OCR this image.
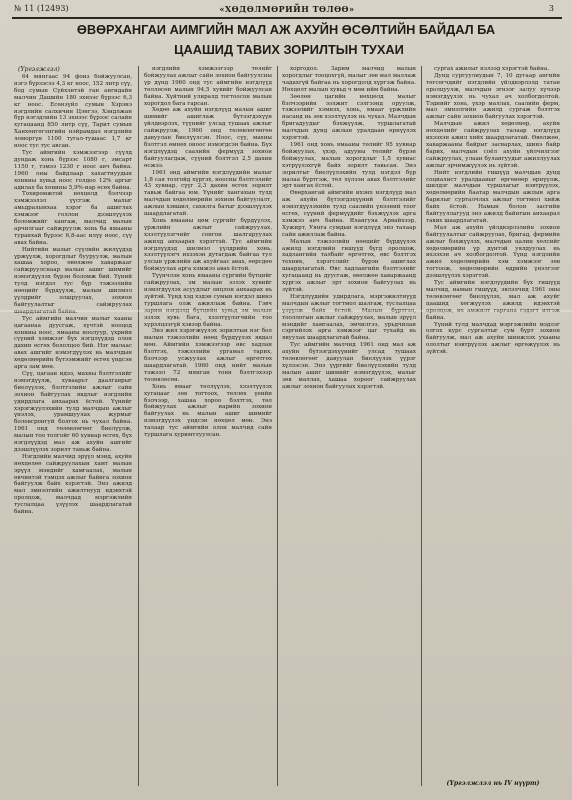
№ 11 (12493)	«ХӨДӨЛМӨРИЙН ТӨЛӨӨ»	3
ӨВӨРХАНГАИ АИМГИЙН МАЛ АЖ АХУЙН ӨСӨЛТИЙН БАЙДАЛ БА
ЦААШИД ТАВИХ ЗОРИЛТЫН ТУХАИ
(Үргэлжлэл)

64 мянгаас 94 фоиз бойжуулсан, нэгэ бүрээсээ 4,3 кг ноос, 152 литр сүү, бод сүмын Сүйхэнтэй ган ангидайн малчин Дашийн 180 эхнээс бүрээс 6,3 кг ноос. Есөнзүйл сумын Хэрэнэ нэгдлийн салхичин Цэнгээ, Хэндлжан бүр нэгэдлийн 13 эхнээс бүрээс салайн хугацаанд 850 литр сүү, Тарит сумын Ханхөнгөгэнгийн нэйрамдал нэгдлийн ломоргүн 1100 тугал-тушаас 1,7 кг ноос тус тус авсан.

Тус аймгийн хэмжээгээр сүүлд дундаж хонь бүрээс 1080 г, эмсарт 1150 г, тэмээ 1230 г ноос авч байна. 1960 оны байдлаар хахагтнуудын хонины хувьд ноос голдоо 12% аргыг адилах ба хонины 5,9%-иар өсөх байна.

Тохиромжтой нөхцөлд бэлчээр хэмжээлэл үүсгэж малыг амьдралынхаа хэрэг ба ашиглах хэмжээг голлон дээшлүүлэх боломжийг хангаж, малчид малын арчилгааг сайжруулж хонь ба ямааны туранхай бүрээс 6,8-аас илүү ноос, сүү авах байна.

Нийтийн малыг сүүлийн жилүүдэд үржүүлж, хорогдлыг бууруулж, малын хашаа хороо, өвөлжөө хаваржааг сайжруулснаар малын ашиг шимийг нэмэгдүүлэх бүрэн боломж бий. Үүний тулд нэгдэл тус бүр тэжээлийн нөөцийг бүрдүүлж, малын шилмэл үүлдрийг олшруулах, зохион байгуулалтыг сайжруулах шаардлагатай байна.

Тус аймгийн малчин малыг хааны цагаанаа дуусгаж, хүчтэй нооцод хонины ноос, ямааны ноолуур, үхрийн сүүний хэмжээг бүх нэгдлүүдэд олон дахин өсгөх бололцоо бий. Нэг малаас авах ашгийг нэмэгдүүлэх нь малчдын хөдөлмөрийн бүтээмжийг өсгөх үндсэн арга зам мөн.

Сүү, цагаан идээ, махны бэлтгэлийг нэмэгдүүлж, хуваарьт даалгаврыг биелүүлэх, бэлтгэлийн ажлыг сайн зохион байгуулах явдлыг нэгдлийн удирдлага анхаарах ёстой. Үүнийг хэрэгжүүлэхийн тулд малчдын ажлыг үнэлэх, урамшуулах журмыг боловсронгуй болгох нь чухал байна. 1961 онд төлөвлөгөөг биелүүлж, малын тоо толгойг 60 хувиар өсгөх, бүх нэгдлүүдэд мал аж ахуйн ашгийг дээшлүүлэх зорилт тавьж байна.

Нэгдлийн малчид эрүүл мэнд, ахуйн нөхцөлөө сайжруулахын хамт малын эрүүл мэндийг хамгаалах, малын өвчинтэй тэмцэх ажлыг байнга зохион байгуулж байх хэрэгтэй. Энэ ажилд мал эмнэлгийн ажилтнууд идэвхтэй оролцож, малчдад мэргэжлийн туслалцаа үзүүлэх шаардлагатай байна.

нэгдлийн хэмжээгээр төлийг бойжуулах ажлыг сайн зохион байгуулсны үр дүнд 1960 онд тус аймгийн нэгдлүүд төллөсөн малын 94,5 хувийг бойжуулсан байна. Хүйтний улиралд тогтоосон малын хорогдол бага гарсан.

Хөдөө аж ахуйн нэгдлүүд малын ашиг шимийг ашиглаж бүтээгдэхүүн үйлдвэрлэх, түүнийг улсад тушаах ажлыг сайжруулж, 1960 онд төлөвлөгөөгөө давуулан биелүүлсэн. Ноос, сүү, махны бэлтгэл өмнөх оноос нэмэгдсэн байна. Бүх нэгдлүүдэд саалийн фермүүд зохион байгуулагдаж, сүүний бэлтгэл 2,5 дахин өсжээ.

1961 онд аймгийн нэгдлүүдийн малыг 1,8 сая толгойд хүргэх, ноосны бэлтгэлийг 43 хувиар, сүүг 2,3 дахин өсгөх зорилт тавьж байгаа юм. Үүнийг хангахын тулд малчдын хөдөлмөрийн зохион байгуулалт, ажлын хэвшил, сахилга батыг дээшлүүлэх шаардлагатай.

Хонь ямааны цөм сүргийг бүрдүүлэх, үржлийн ажлыг сайжруулах, хээлтүүлэгчийг сонгон шалгаруулах ажилд анхаарах хэрэгтэй. Тус аймгийн нэгдлүүдэд шилмэл үүлдрийн хонь, хээлтүүлэгч ихээхэн дутагдаж байгаа тул улсын үржлийн аж ахуйгаас авах, өөрсдөө бойжуулах арга хэмжээ авах ёстой.

Түүнчлэн хонь ямааны сүргийн бүтцийг сайжруулах, эм малын эзлэх хувийг нэмэгдүүлэх асуудлыг онцлон анхаарах нь зүйтэй. Үүнд хэд хэдэн сумын нэгдэл шинэ туршлага олж ажиллаж байна. Гэвч зарим нэгдэлд бүтцийн хувьд эм малын эзлэх хувь бага, хээлтүүлэгчийн тоо хүрэлцээгүй хэвээр байна.

Энэ жил хэрэгжүүлэх зорилтын нэг бол малын тэжээлийн нөөц бүрдүүлэх явдал мөн. Аймгийн хэмжээгээр өвс хадлан бэлтгэх, тэжээлийн ургамал тарих, бэлчээр усжуулах ажлыг өргөтгөх шаардлагатай. 1960 онд нийт малын тэжээл 72 мянган тонн бэлтгэхээр төлөвлөсөн.

Хонь ямааг төллүүлэх, хээлтүүлэх хугацааг зөв тогтоох, төллөх үеийн бэлчээр, хашаа хороо бэлтгэх, төл бойжуулах ажлыг нарийн зохион байгуулах нь малын ашиг шимийг нэмэгдүүлэх үндсэн нөхцөл мөн. Энэ талаар тус аймгийн олон малчид сайн туршлага хуримтлуулсан.

хоргодол. Зарим малчид малын хорогдлыг тооцохгүй, малыг зөв мал маллаж чадахгүй байгаа нь хорогдолд хүргэж байна. Нөхцөлт малын хувьд ч мөн ийм байна.

Зөөлөн цагийн нөхцөлд малыг бэлчээрийн ээлжит сэлгээнд оруулж, тэжээлийг хэмнэх, хонь, ямааг үржлийн насанд нь зөв хээлтүүлэх нь чухал. Малчдын бригадуудыг бэхжүүлж, туршлагатай малчдын дунд ажлын уралдаан өрнүүлэх хэрэгтэй.

1961 онд хонь ямааны төлийг 95 хувиар бойжуулах, үхэр, адууны төлийг бүрэн бойжуулах, малын хорогдлыг 1,5 хувиас хэтрүүлэхгүй байх зорилт тавьсан. Энэ зорилтыг биелүүлэхийн тулд нэгдэл бүр малаа бүртгэж, төл хүлээн авах бэлтгэлийг эрт хангах ёстой.

Өвөрхангай аймгийн ихэнх нэгдлүүд мал аж ахуйн бүтээгдэхүүний бэлтгэлийг нэмэгдүүлэхийн тулд саалийн үнээний тоог өсгөх, сүүний фермүүдийг бэхжүүлэх арга хэмжээ авч байна. Ялангуяа Арвайхээр, Хужирт, Уянга сумдын нэгдлүүд энэ талаар сайн ажиллаж байна.

Малын тэжээлийн нөөцийг бүрдүүлэх ажилд нэгдлийн гишүүд бүгд оролцож, хадлангийн талбайг өргөтгөх, өвс бэлтгэх техник, хэрэгслийг бүрэн ашиглах шаардлагатай. Өвс хадлангийн бэлтгэлийг хугацаанд нь дуусгаж, өвөлжөө хаваржаанд хүргэх ажлыг эрт зохион байгуулах нь зүйтэй.

Нэгдлүүдийн удирдлага, мэргэжилтнүүд малчдын ажлыг тогтмол шалгаж, туслалцаа үзүүлж байх ёстой. Малын бүртгэл, тооллогын ажлыг сайжруулах, малын эрүүл мэндийг хамгаалах, эмчилгээ, урьдчилан сэргийлэх арга хэмжээг цаг тухайд нь явуулах шаардлагатай байна.

Тус аймгийн малчид 1961 онд мал аж ахуйн бүтээгдэхүүнийг улсад тушаах төлөвлөгөөг давуулан биелүүлэх үүрэг хүлээсэн. Энэ үүргийг биелүүлэхийн тулд малын ашиг шимийг нэмэгдүүлэх, малыг зөв маллах, хашаа хороог сайжруулах ажлыг зохион байгуулах хэрэгтэй.

сургах ажилыг нэлээд хэрэгтэй байна.

Дунд сургуулиудын 7, 10 дугаар ангийн төгсөгчдийг нэгдлийн үйлдвэрлэлд татан оролцуулж, малчдын эгнээг залуу хүчээр нэмэгдүүлэх нь чухал ач холбогдолтой. Тэднийг хонь, үхэр маллах, саалийн ферм, мал эмнэлгийн ажилд сургаж бэлтгэх ажлыг сайн зохион байгуулах хэрэгтэй.

Малчдын ажил хөдөлмөр, ахуйн нөхцөлийг сайжруулах талаар нэгдлүүд ихээхэн ажил хийх шаардлагатай. Өвөлжөө, хаваржааны байрыг засварлах, шинэ байр барих, малчдын соёл ахуйн үйлчилгээг сайжруулах, улаан булангуудыг ажиллуулах ажлыг эрчимжүүлэх нь зүйтэй.

Нийт нэгдлийн гишүүд малчдын дунд социалист уралдааныг өргөнөөр өрнүүлж, шилдэг малчдын туршлагыг нэвтрүүлэх, хөдөлмөрийн баатар малчдын ажлын арга барилыг сурталчлах ажлыг тогтмол хийж байх ёстой. Намын болон засгийн байгууллагууд энэ ажилд байнгын анхаарал тавих шаардлагатай.

Мал аж ахуйн үйлдвэрлэлийн зохион байгуулалтыг сайжруулах, бригад, фермийн ажлыг бэхжүүлэх, малчдын цалин хөлсийг хөдөлмөрийн үр дүнтэй уялдуулах нь ихээхэн ач холбогдолтой. Үүнд нэгдлийн ажил хөдөлмөрийн хэм хэмжээг зөв тогтоож, хөдөлмөрийн өдрийн үнэлгээг дээшлүүлэх хэрэгтэй.

Тус аймгийн нэгдлүүдийн бүх гишүүд малчид, намын гишүүд, эвлэлчид 1961 оны төлөвлөгөөг биелүүлэх, мал аж ахуйг цаашид хөгжүүлэх ажилд идэвхтэй оролцож, их амжилт гаргана гэдэгт итгэж байна.

Үүний тулд малчдад мэргэжлийн мэдлэг олгох курс сургалтыг сум бүрт зохион байгуулж, мал аж ахуйн шинжлэх ухааны ололтыг нэвтрүүлэх ажлыг өргөжүүлэх нь зүйтэй.

(Үргэлжлэл нь IV нүүрт)
